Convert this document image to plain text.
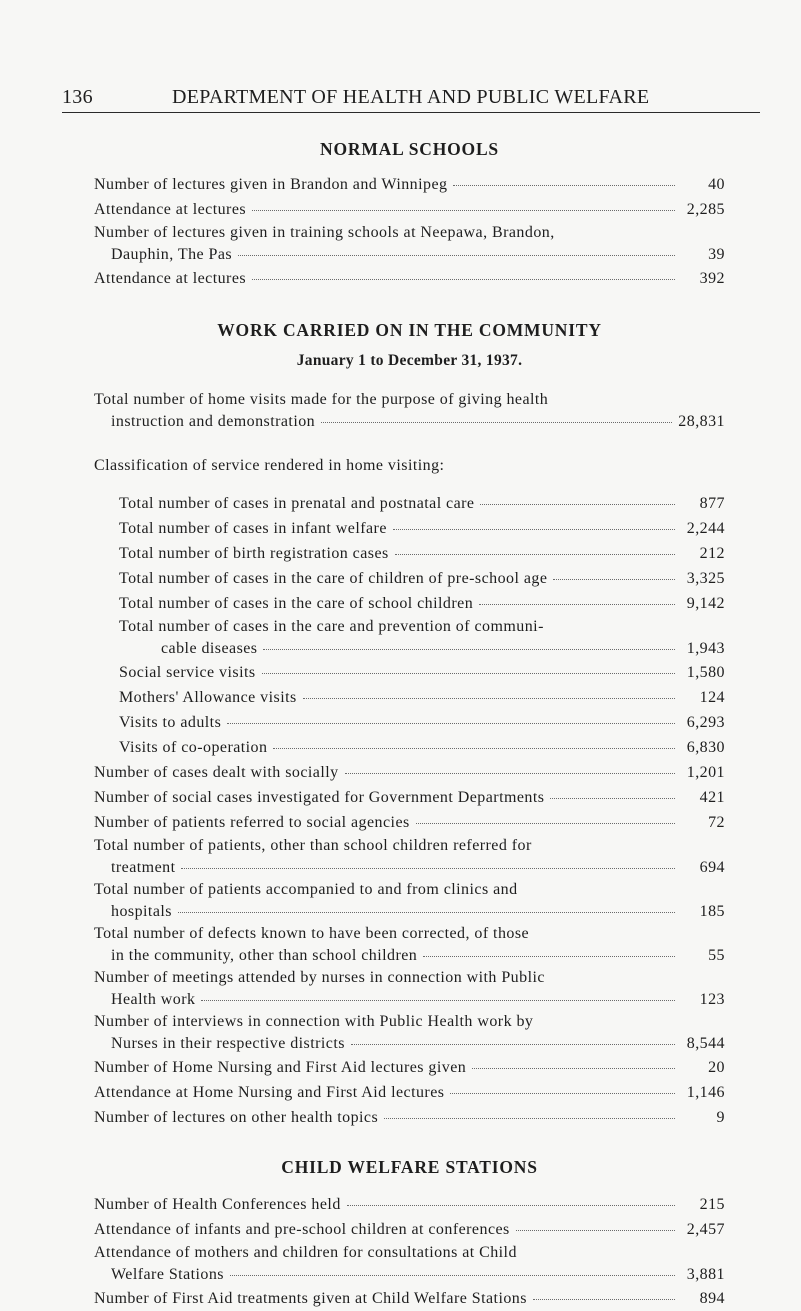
136	DEPARTMENT OF HEALTH AND PUBLIC WELFARE
NORMAL SCHOOLS
Number of lectures given in Brandon and Winnipeg	40
Attendance at lectures	2,285
Number of lectures given in training schools at Neepawa, Brandon,
Dauphin, The Pas	39
Attendance at lectures	392
WORK CARRIED ON IN THE COMMUNITY
January 1 to December 31, 1937.
Total number of home visits made for the purpose of giving health
instruction and demonstration	28,831
Classification of service rendered in home visiting:
Total number of cases in prenatal and postnatal care	877
Total number of cases in infant welfare	2,244
Total number of birth registration cases	212
Total number of cases in the care of children of pre-school age	3,325
Total number of cases in the care of school children	9,142
Total number of cases in the care and prevention of communi-
cable diseases	1,943
Social service visits	1,580
Mothers' Allowance visits	124
Visits to adults	6,293
Visits of co-operation	6,830
Number of cases dealt with socially	1,201
Number of social cases investigated for Government Departments	421
Number of patients referred to social agencies	72
Total number of patients, other than school children referred for
treatment	694
Total number of patients accompanied to and from clinics and
hospitals	185
Total number of defects known to have been corrected, of those
in the community, other than school children	55
Number of meetings attended by nurses in connection with Public
Health work	123
Number of interviews in connection with Public Health work by
Nurses in their respective districts	8,544
Number of Home Nursing and First Aid lectures given	20
Attendance at Home Nursing and First Aid lectures	1,146
Number of lectures on other health topics	9
CHILD WELFARE STATIONS
Number of Health Conferences held	215
Attendance of infants and pre-school children at conferences	2,457
Attendance of mothers and children for consultations at Child
Welfare Stations	3,881
Number of First Aid treatments given at Child Welfare Stations	894
